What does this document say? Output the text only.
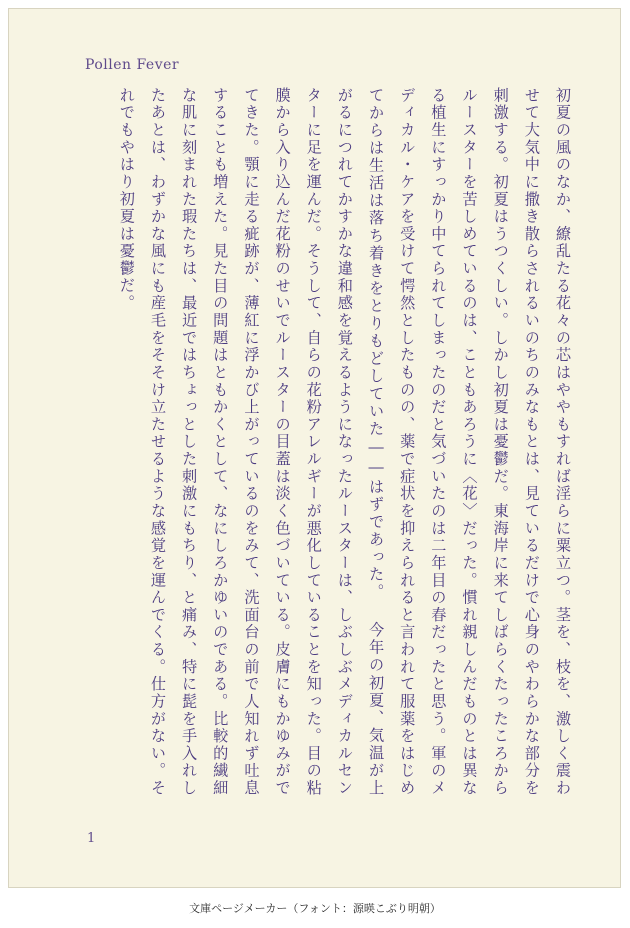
Pollen Fever
初夏の風のなか、繚乱たる花々の芯はややもすれば淫らに粟立つ。茎を、枝を、激しく震わせて大気中に撒き散らされるいのちのみなもとは、見ているだけで心身のやわらかな部分を刺激する。初夏はうつくしい。しかし初夏は憂鬱だ。東海岸に来てしばらくたったころからルースターを苦しめているのは、こともあろうに〈花〉だった。慣れ親しんだものとは異なる植生にすっかり中てられてしまったのだと気づいたのは二年目の春だったと思う。軍のメディカル・ケアを受けて愕然としたものの、薬で症状を抑えられると言われて服薬をはじめてからは生活は落ち着きをとりもどしていた――はずであった。 今年の初夏、気温が上がるにつれてかすかな違和感を覚えるようになったルースターは、しぶしぶメディカルセンターに足を運んだ。そうして、自らの花粉アレルギーが悪化していることを知った。目の粘膜から入り込んだ花粉のせいでルースターの目蓋は淡く色づいている。皮膚にもかゆみがでてきた。顎に走る疵跡が、薄紅に浮かび上がっているのをみて、洗面台の前で人知れず吐息することも増えた。見た目の問題はともかくとして、なにしろかゆいのである。比較的繊細な肌に刻まれた瑕たちは、最近ではちょっとした刺激にもちり、と痛み、特に髭を手入れしたあとは、わずかな風にも産毛をそそけ立たせるような感覚を運んでくる。仕方がない。それでもやはり初夏は憂鬱だ。
1
文庫ページメーカー（フォント：源暎こぶり明朝）
